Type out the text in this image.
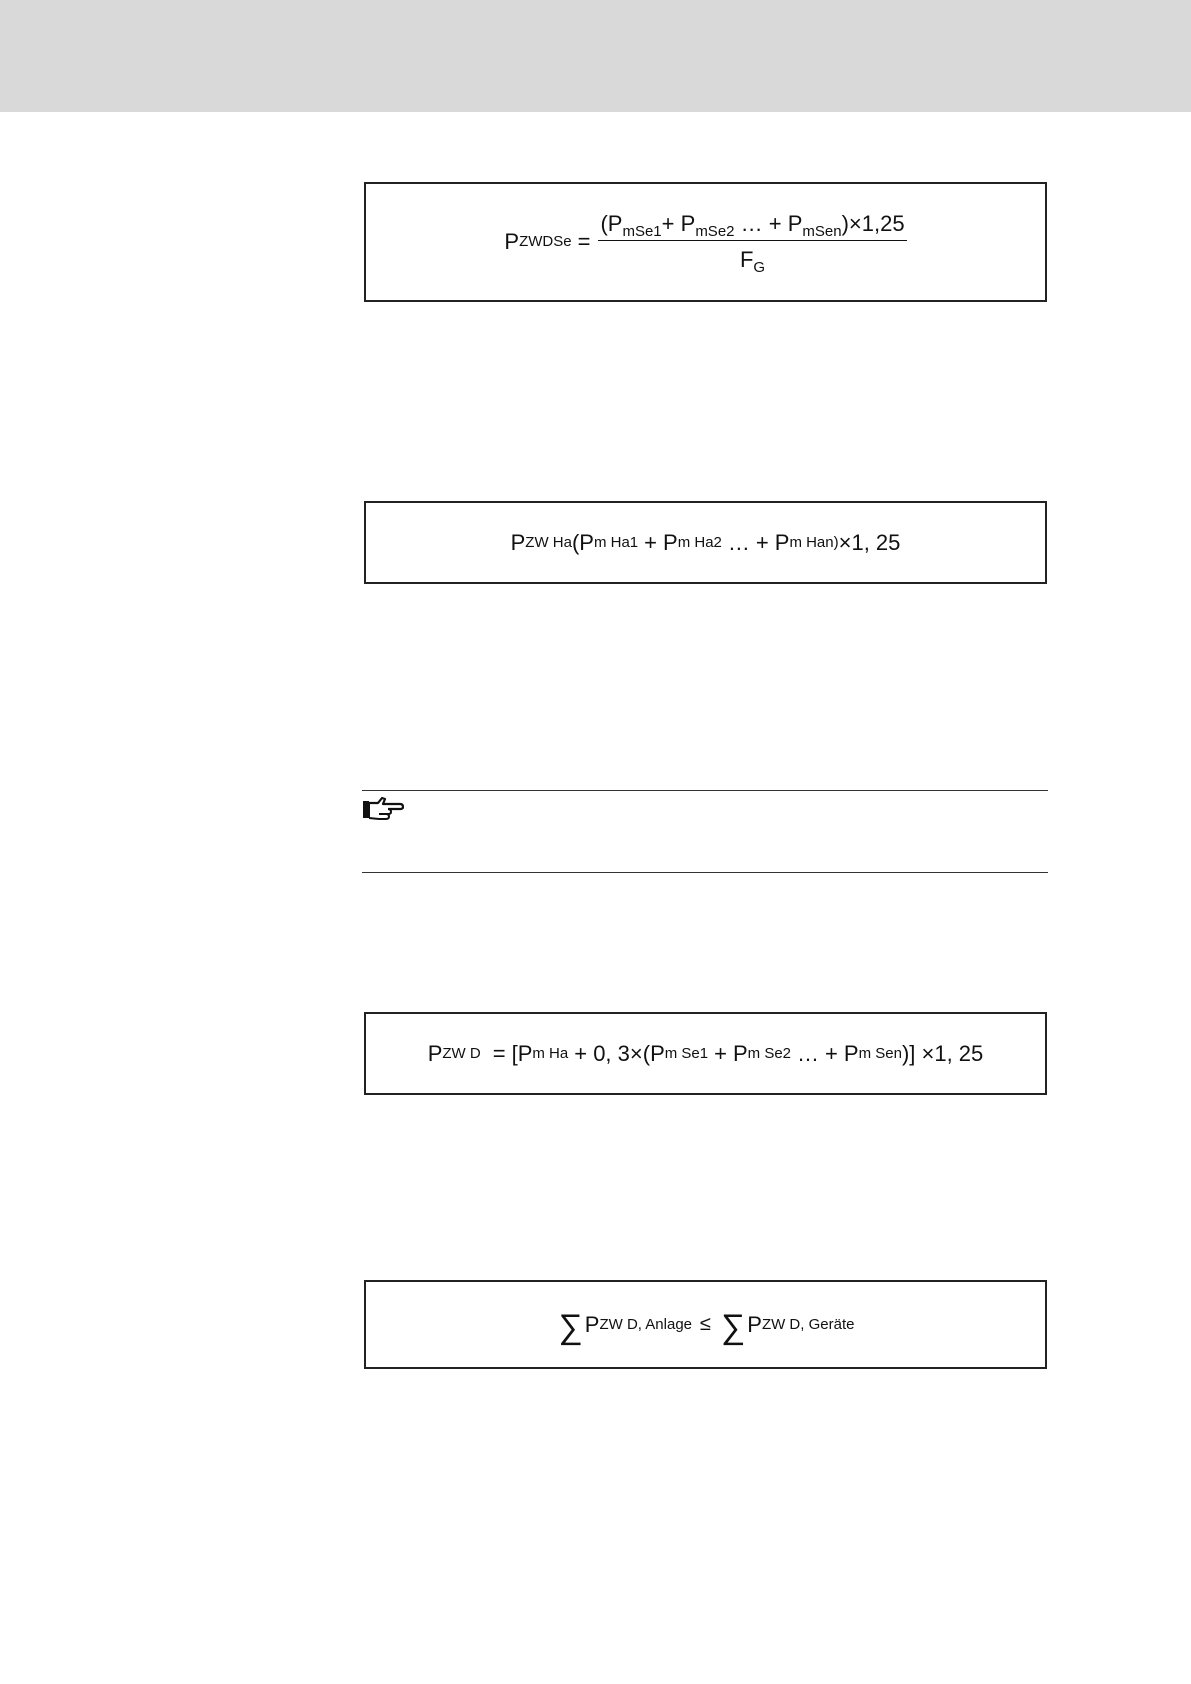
P ZWDSe = $\frac{(P_{mSe1}+ P_{mSe2} \dots + P_{mSen})\times 1,25}{F_G}$
P ZW Ha ( P m Ha1 + P m Ha2 … + P m Han) ×1, 25
P ZW D = [ P m Ha + 0, 3×( P m Se1 + P m Se2 … + P m Sen )] ×1, 25
∑ P ZW D, Anlage ≤ ∑ P ZW D, Geräte
